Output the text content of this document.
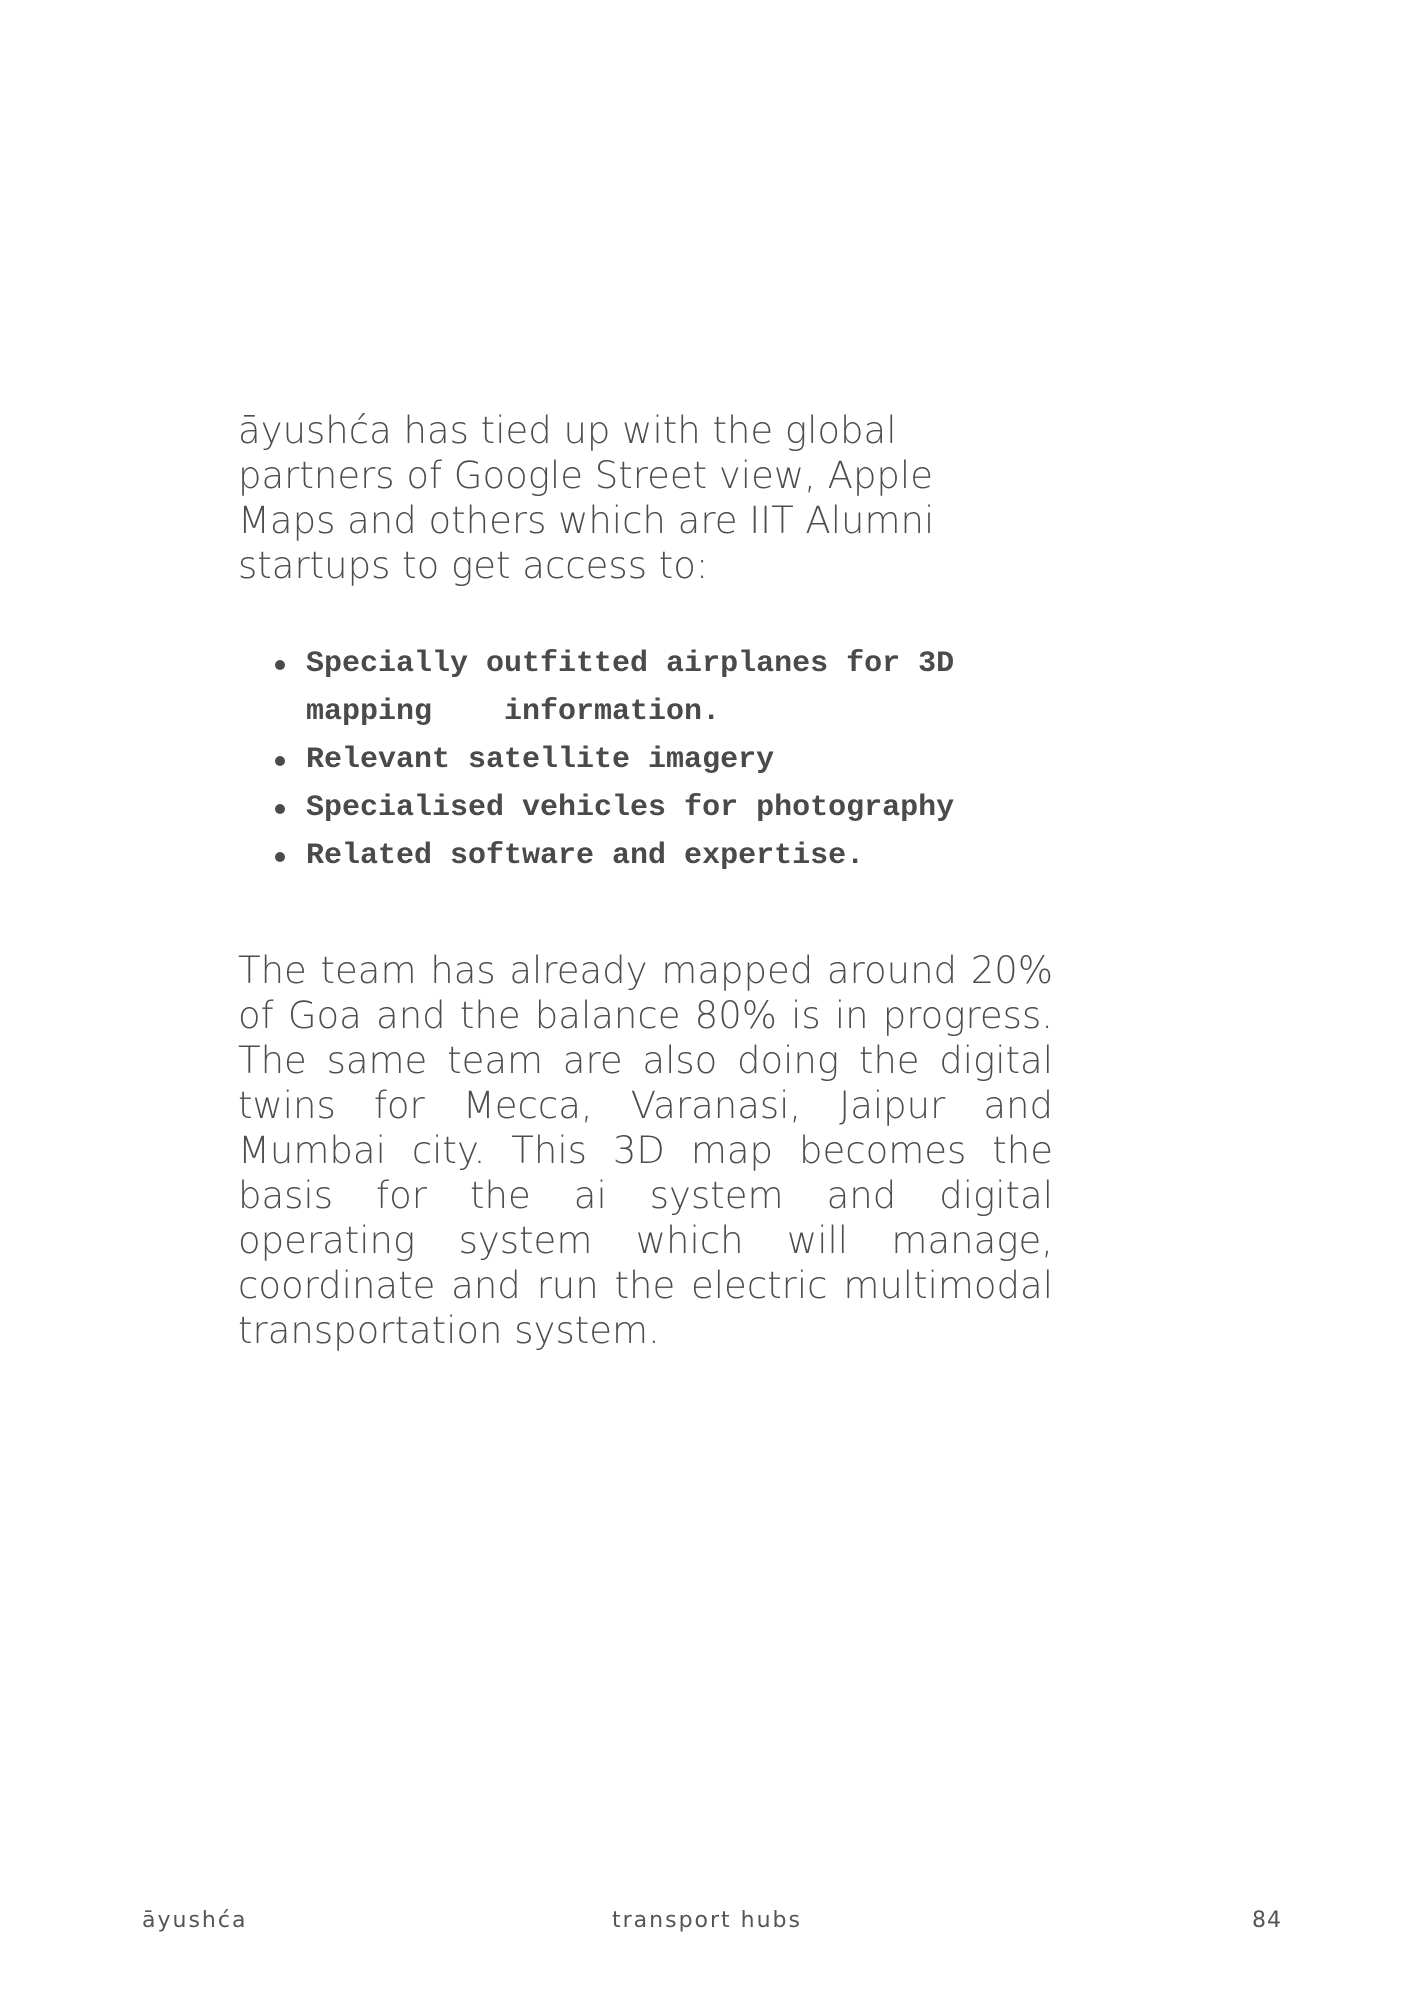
āyushća has tied up with the global partners of Google Street view, Apple Maps and others which are IIT Alumni startups to get access to:

Specially outfitted airplanes for 3D mapping information.
Relevant satellite imagery
Specialised vehicles for photography
Related software and expertise.

The team has already mapped around 20% of Goa and the balance 80% is in progress. The same team are also doing the digital twins for Mecca, Varanasi, Jaipur and Mumbai city. This 3D map becomes the basis for the ai system and digital operating system which will manage, coordinate and run the electric multimodal transportation system.

āyushća	transport hubs	84
